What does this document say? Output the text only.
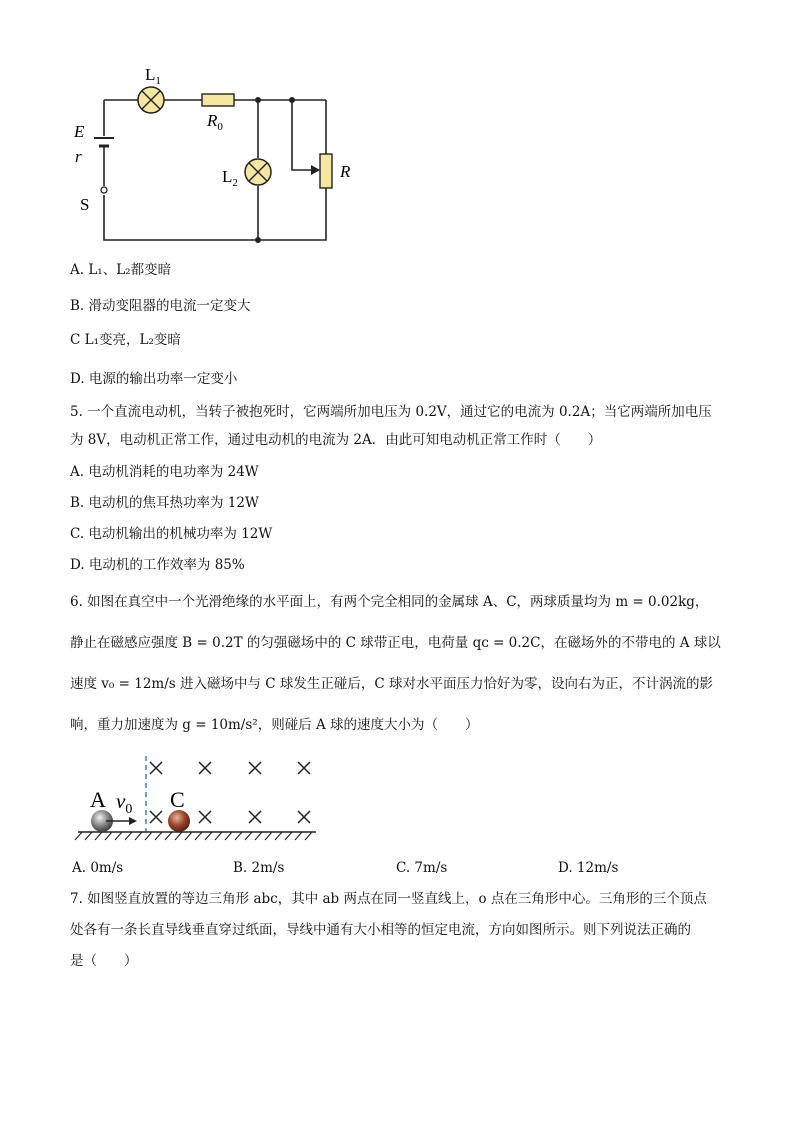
$L_1$
$R_0$
E
r
S
$L_2$
R
A. L₁、L₂都变暗
B. 滑动变阻器的电流一定变大
C L₁变亮，L₂变暗
D. 电源的输出功率一定变小
5. 一个直流电动机，当转子被抱死时，它两端所加电压为 0.2V，通过它的电流为 0.2A；当它两端所加电压
为 8V，电动机正常工作，通过电动机的电流为 2A．由此可知电动机正常工作时（　　）
A. 电动机消耗的电功率为 24W
B. 电动机的焦耳热功率为 12W
C. 电动机输出的机械功率为 12W
D. 电动机的工作效率为 85%
6. 如图在真空中一个光滑绝缘的水平面上，有两个完全相同的金属球 A、C，两球质量均为 m = 0.02kg，
静止在磁感应强度 B = 0.2T 的匀强磁场中的 C 球带正电，电荷量 qᴄ = 0.2C，在磁场外的不带电的 A 球以
速度 v₀ = 12m/s 进入磁场中与 C 球发生正碰后，C 球对水平面压力恰好为零，设向右为正，不计涡流的影
响，重力加速度为 g = 10m/s²，则碰后 A 球的速度大小为（　　）
A $v_0$ C
A. 0m/s	B. 2m/s	C. 7m/s	D. 12m/s
7. 如图竖直放置的等边三角形 abc，其中 ab 两点在同一竖直线上，o 点在三角形中心。三角形的三个顶点
处各有一条长直导线垂直穿过纸面，导线中通有大小相等的恒定电流，方向如图所示。则下列说法正确的
是（　　）
